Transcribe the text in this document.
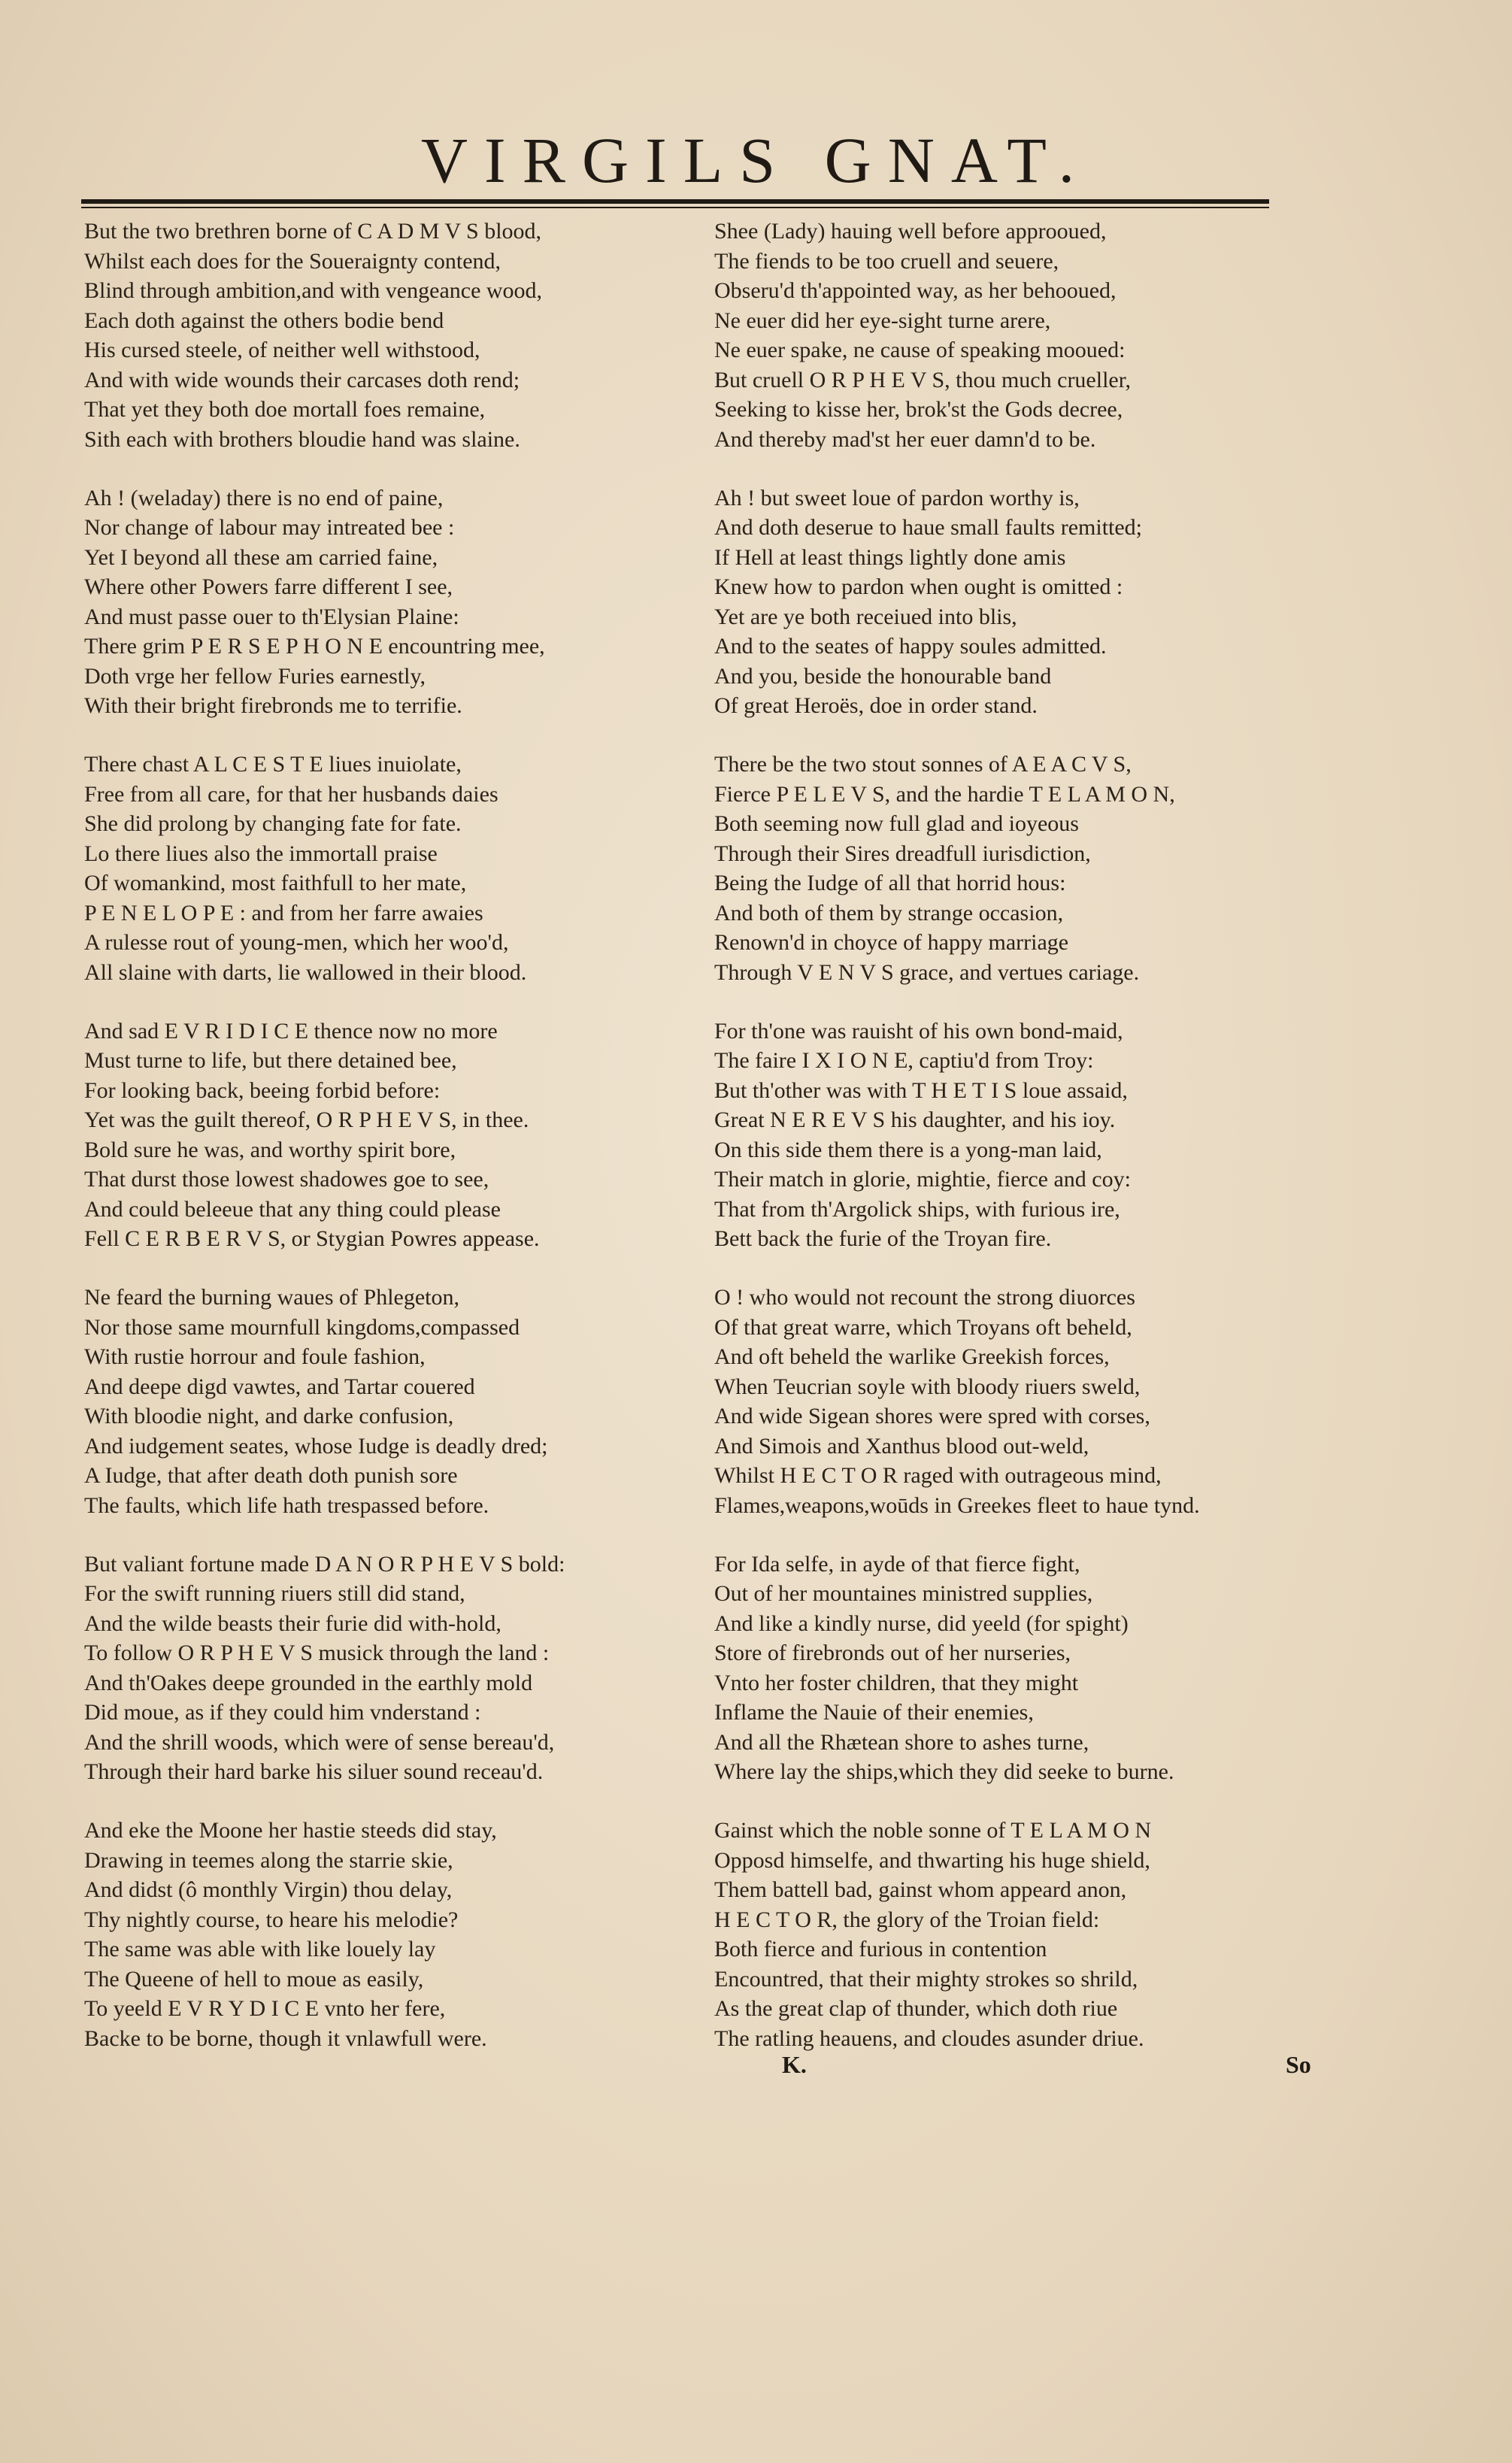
VIRGILS GNAT.
But the two brethren borne of C A D M V S blood,
Whilst each does for the Soueraignty contend,
Blind through ambition,and with vengeance wood,
Each doth against the others bodie bend
His cursed steele, of neither well withstood,
And with wide wounds their carcases doth rend;
That yet they both doe mortall foes remaine,
Sith each with brothers bloudie hand was slaine.
Ah ! (weladay) there is no end of paine,
Nor change of labour may intreated bee :
Yet I beyond all these am carried faine,
Where other Powers farre different I see,
And must passe ouer to th'Elysian Plaine:
There grim P E R S E P H O N E encountring mee,
Doth vrge her fellow Furies earnestly,
With their bright firebronds me to terrifie.
There chast A L C E S T E liues inuiolate,
Free from all care, for that her husbands daies
She did prolong by changing fate for fate.
Lo there liues also the immortall praise
Of womankind, most faithfull to her mate,
P E N E L O P E : and from her farre awaies
A rulesse rout of young-men, which her woo'd,
All slaine with darts, lie wallowed in their blood.
And sad E V R I D I C E thence now no more
Must turne to life, but there detained bee,
For looking back, beeing forbid before:
Yet was the guilt thereof, O R P H E V S, in thee.
Bold sure he was, and worthy spirit bore,
That durst those lowest shadowes goe to see,
And could beleeue that any thing could please
Fell C E R B E R V S, or Stygian Powres appease.
Ne feard the burning waues of Phlegeton,
Nor those same mournfull kingdoms,compassed
With rustie horrour and foule fashion,
And deepe digd vawtes, and Tartar couered
With bloodie night, and darke confusion,
And iudgement seates, whose Iudge is deadly dred;
A Iudge, that after death doth punish sore
The faults, which life hath trespassed before.
But valiant fortune made D A N O R P H E V S bold:
For the swift running riuers still did stand,
And the wilde beasts their furie did with-hold,
To follow O R P H E V S musick through the land :
And th'Oakes deepe grounded in the earthly mold
Did moue, as if they could him vnderstand :
And the shrill woods, which were of sense bereau'd,
Through their hard barke his siluer sound receau'd.
And eke the Moone her hastie steeds did stay,
Drawing in teemes along the starrie skie,
And didst (ô monthly Virgin) thou delay,
Thy nightly course, to heare his melodie?
The same was able with like louely lay
The Queene of hell to moue as easily,
To yeeld E V R Y D I C E vnto her fere,
Backe to be borne, though it vnlawfull were.
Shee (Lady) hauing well before approoued,
The fiends to be too cruell and seuere,
Obseru'd th'appointed way, as her behooued,
Ne euer did her eye-sight turne arere,
Ne euer spake, ne cause of speaking mooued:
But cruell O R P H E V S, thou much crueller,
Seeking to kisse her, brok'st the Gods decree,
And thereby mad'st her euer damn'd to be.
Ah ! but sweet loue of pardon worthy is,
And doth deserue to haue small faults remitted;
If Hell at least things lightly done amis
Knew how to pardon when ought is omitted :
Yet are ye both receiued into blis,
And to the seates of happy soules admitted.
And you, beside the honourable band
Of great Heroës, doe in order stand.
There be the two stout sonnes of A E A C V S,
Fierce P E L E V S, and the hardie T E L A M O N,
Both seeming now full glad and ioyeous
Through their Sires dreadfull iurisdiction,
Being the Iudge of all that horrid hous:
And both of them by strange occasion,
Renown'd in choyce of happy marriage
Through V E N V S grace, and vertues cariage.
For th'one was rauisht of his own bond-maid,
The faire I X I O N E, captiu'd from Troy:
But th'other was with T H E T I S loue assaid,
Great N E R E V S his daughter, and his ioy.
On this side them there is a yong-man laid,
Their match in glorie, mightie, fierce and coy:
That from th'Argolick ships, with furious ire,
Bett back the furie of the Troyan fire.
O ! who would not recount the strong diuorces
Of that great warre, which Troyans oft beheld,
And oft beheld the warlike Greekish forces,
When Teucrian soyle with bloody riuers sweld,
And wide Sigean shores were spred with corses,
And Simois and Xanthus blood out-weld,
Whilst H E C T O R raged with outrageous mind,
Flames,weapons,woūds in Greekes fleet to haue tynd.
For Ida selfe, in ayde of that fierce fight,
Out of her mountaines ministred supplies,
And like a kindly nurse, did yeeld (for spight)
Store of firebronds out of her nurseries,
Vnto her foster children, that they might
Inflame the Nauie of their enemies,
And all the Rhætean shore to ashes turne,
Where lay the ships,which they did seeke to burne.
Gainst which the noble sonne of T E L A M O N
Opposd himselfe, and thwarting his huge shield,
Them battell bad, gainst whom appeard anon,
H E C T O R, the glory of the Troian field:
Both fierce and furious in contention
Encountred, that their mighty strokes so shrild,
As the great clap of thunder, which doth riue
The ratling heauens, and cloudes asunder driue.
K.	So
